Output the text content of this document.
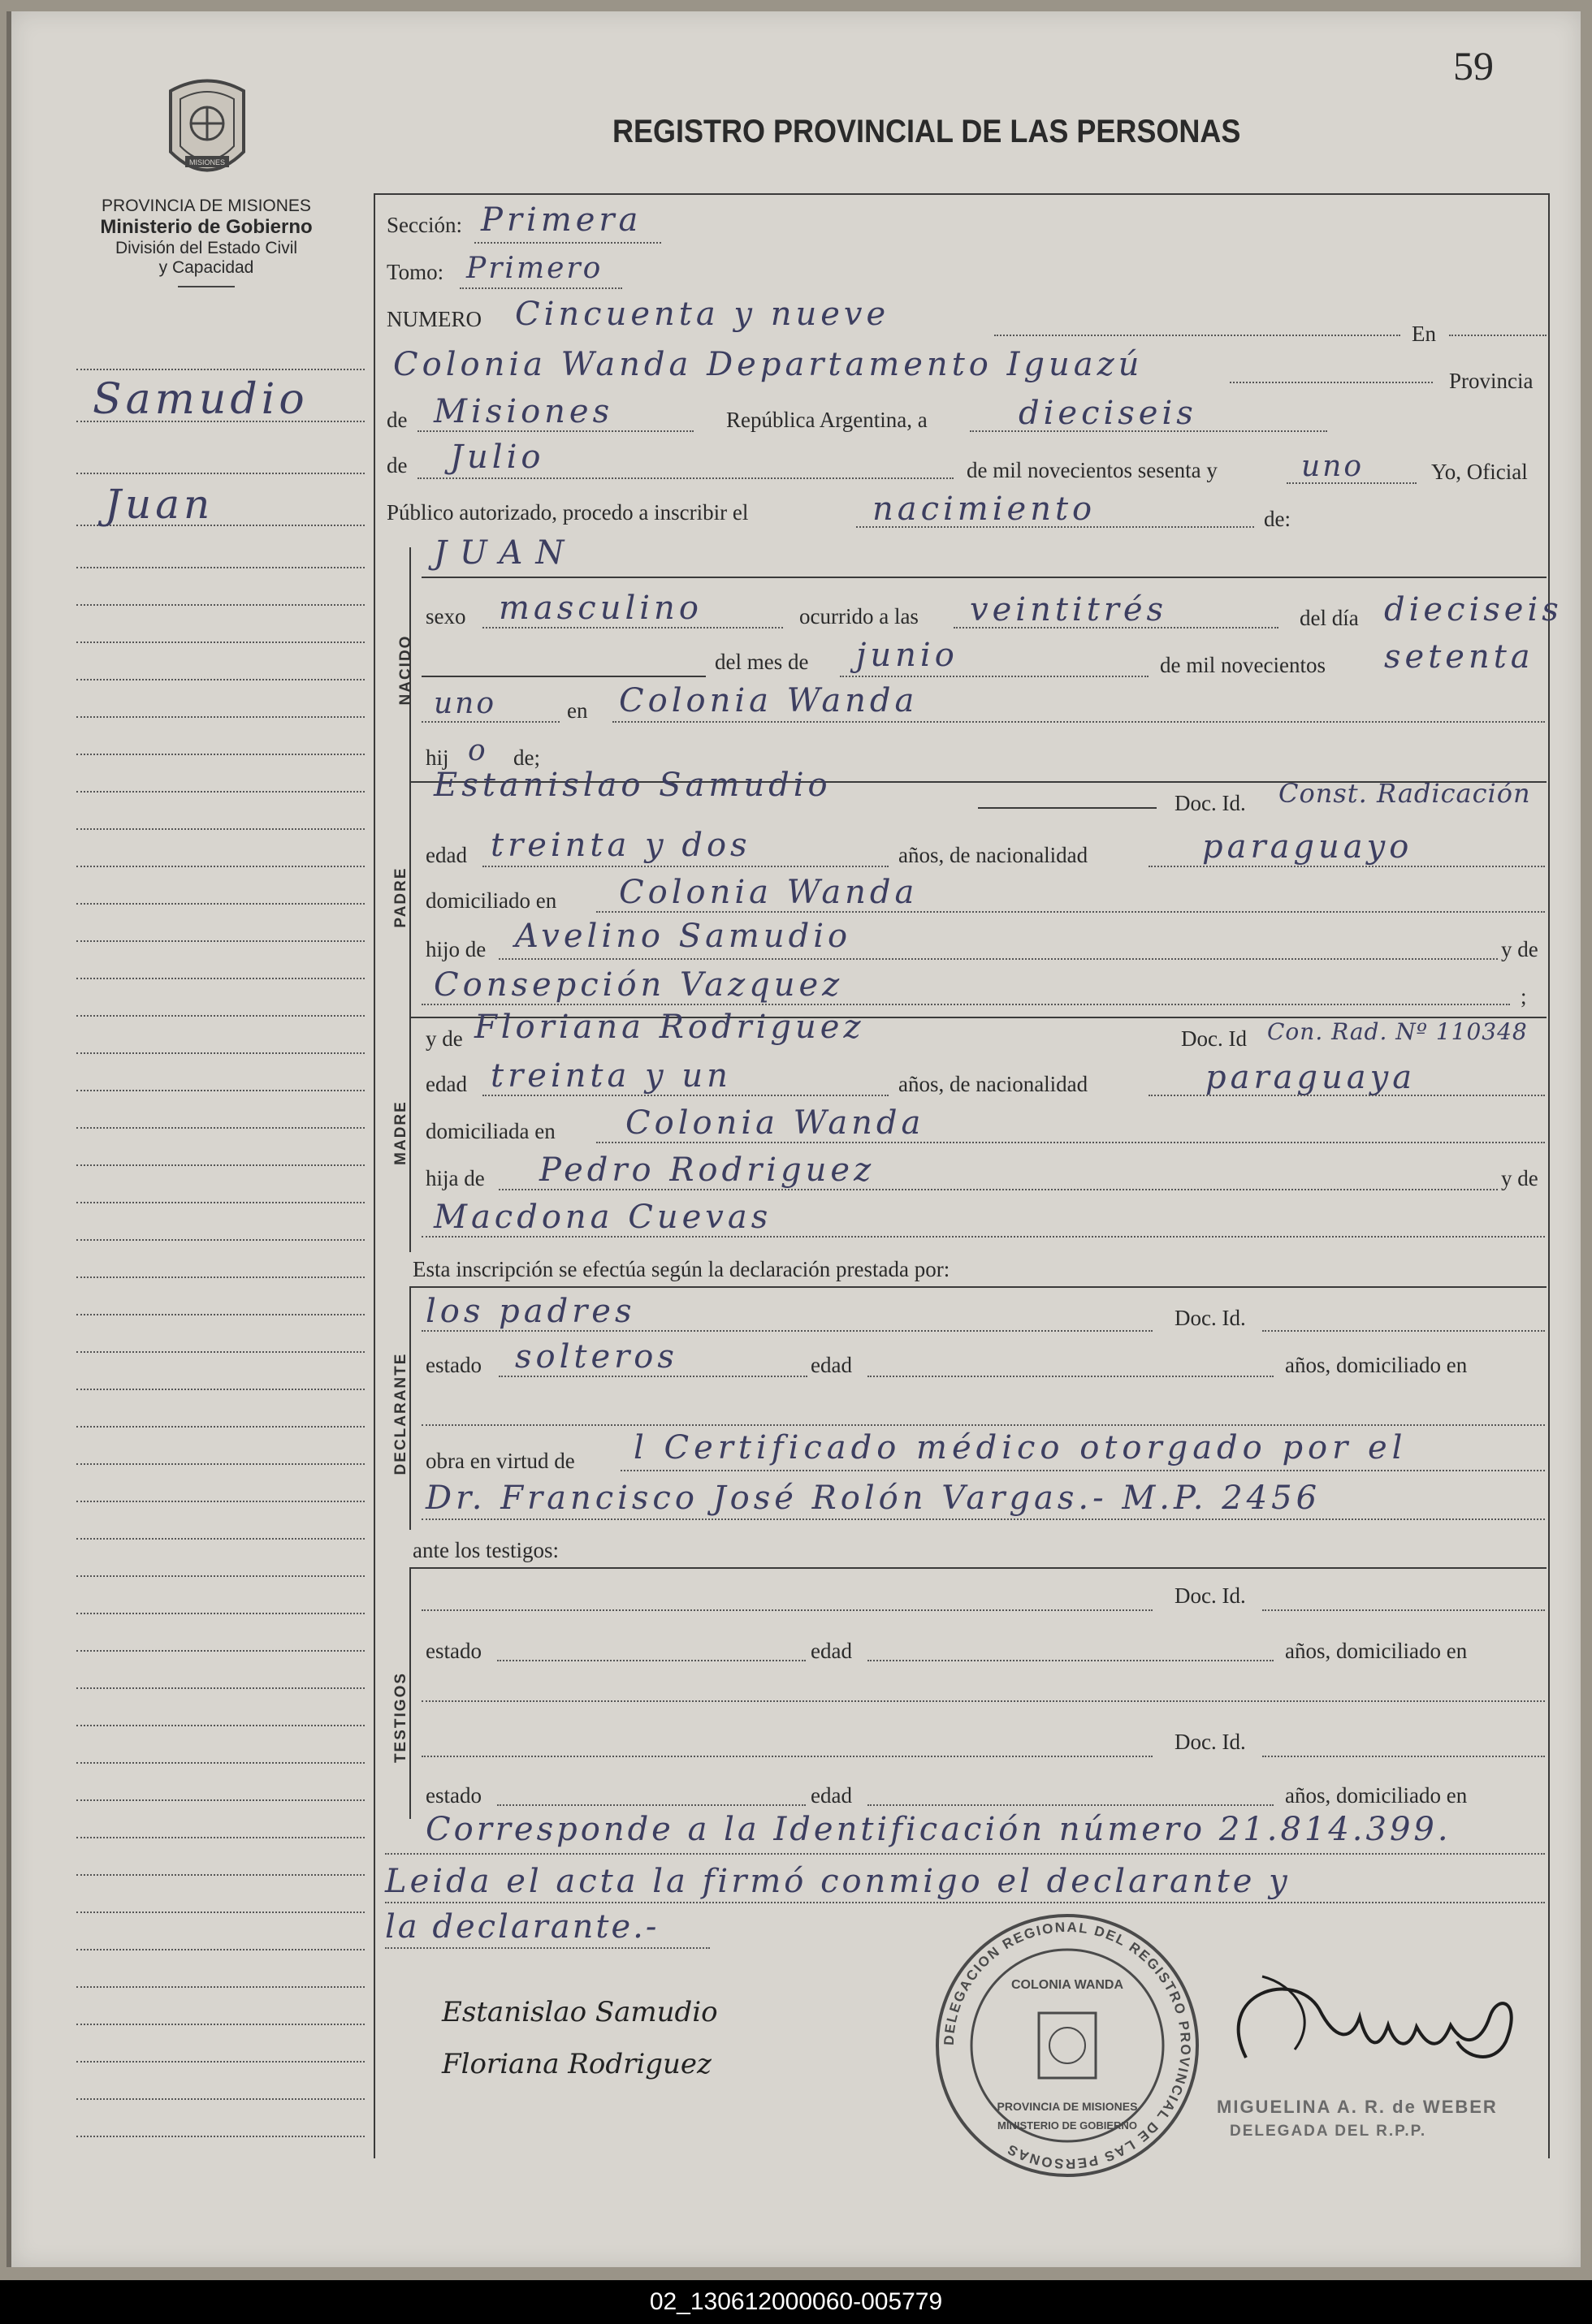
59
MISIONES
REGISTRO PROVINCIAL DE LAS PERSONAS
PROVINCIA DE MISIONES
Ministerio de Gobierno
División del Estado Civil
y Capacidad
Samudio
Juan
Sección: Primera
Tomo: Primero
NUMERO Cincuenta y nueve
En
Colonia Wanda Departamento Iguazú	Provincia
de Misiones	República Argentina, a	dieciseis
de Julio	de mil novecientos sesenta y	uno	Yo, Oficial
Público autorizado, procedo a inscribir el	nacimiento	de:
NACIDO
JUAN
sexo masculino	ocurrido a las veintitrés	del día dieciseis
del mes de junio	de mil novecientos setenta
uno	en Colonia Wanda
hij o de;
PADRE
Estanislao Samudio	Doc. Id. Const. Radicación
edad treinta y dos	años, de nacionalidad	paraguayo
domiciliado en Colonia Wanda
hijo de Avelino Samudio	y de
Consepción Vazquez	;
MADRE
y de Floriana Rodriguez	Doc. Id Con. Rad. Nº 110348
edad treinta y un	años, de nacionalidad	paraguaya
domiciliada en Colonia Wanda
hija de Pedro Rodriguez	y de
Macdona Cuevas
Esta inscripción se efectúa según la declaración prestada por:
DECLARANTE
los padres	Doc. Id.
estado solteros	edad	años, domiciliado en
obra en virtud de l Certificado médico otorgado por el
Dr. Francisco José Rolón Vargas.- M.P. 2456
ante los testigos:
TESTIGOS
Doc. Id.
estado	edad	años, domiciliado en
Doc. Id.
estado	edad	años, domiciliado en
Corresponde a la Identificación número 21.814.399.
Leida el acta la firmó conmigo el declarante y
la declarante.-
Estanislao Samudio
Floriana Rodriguez
DELEGACION REGIONAL DEL REGISTRO PROVINCIAL DE LAS PERSONAS
COLONIA WANDA
PROVINCIA DE MISIONES
MINISTERIO DE GOBIERNO
MIGUELINA A. R. de WEBER
DELEGADA DEL R.P.P.
02_130612000060-005779
